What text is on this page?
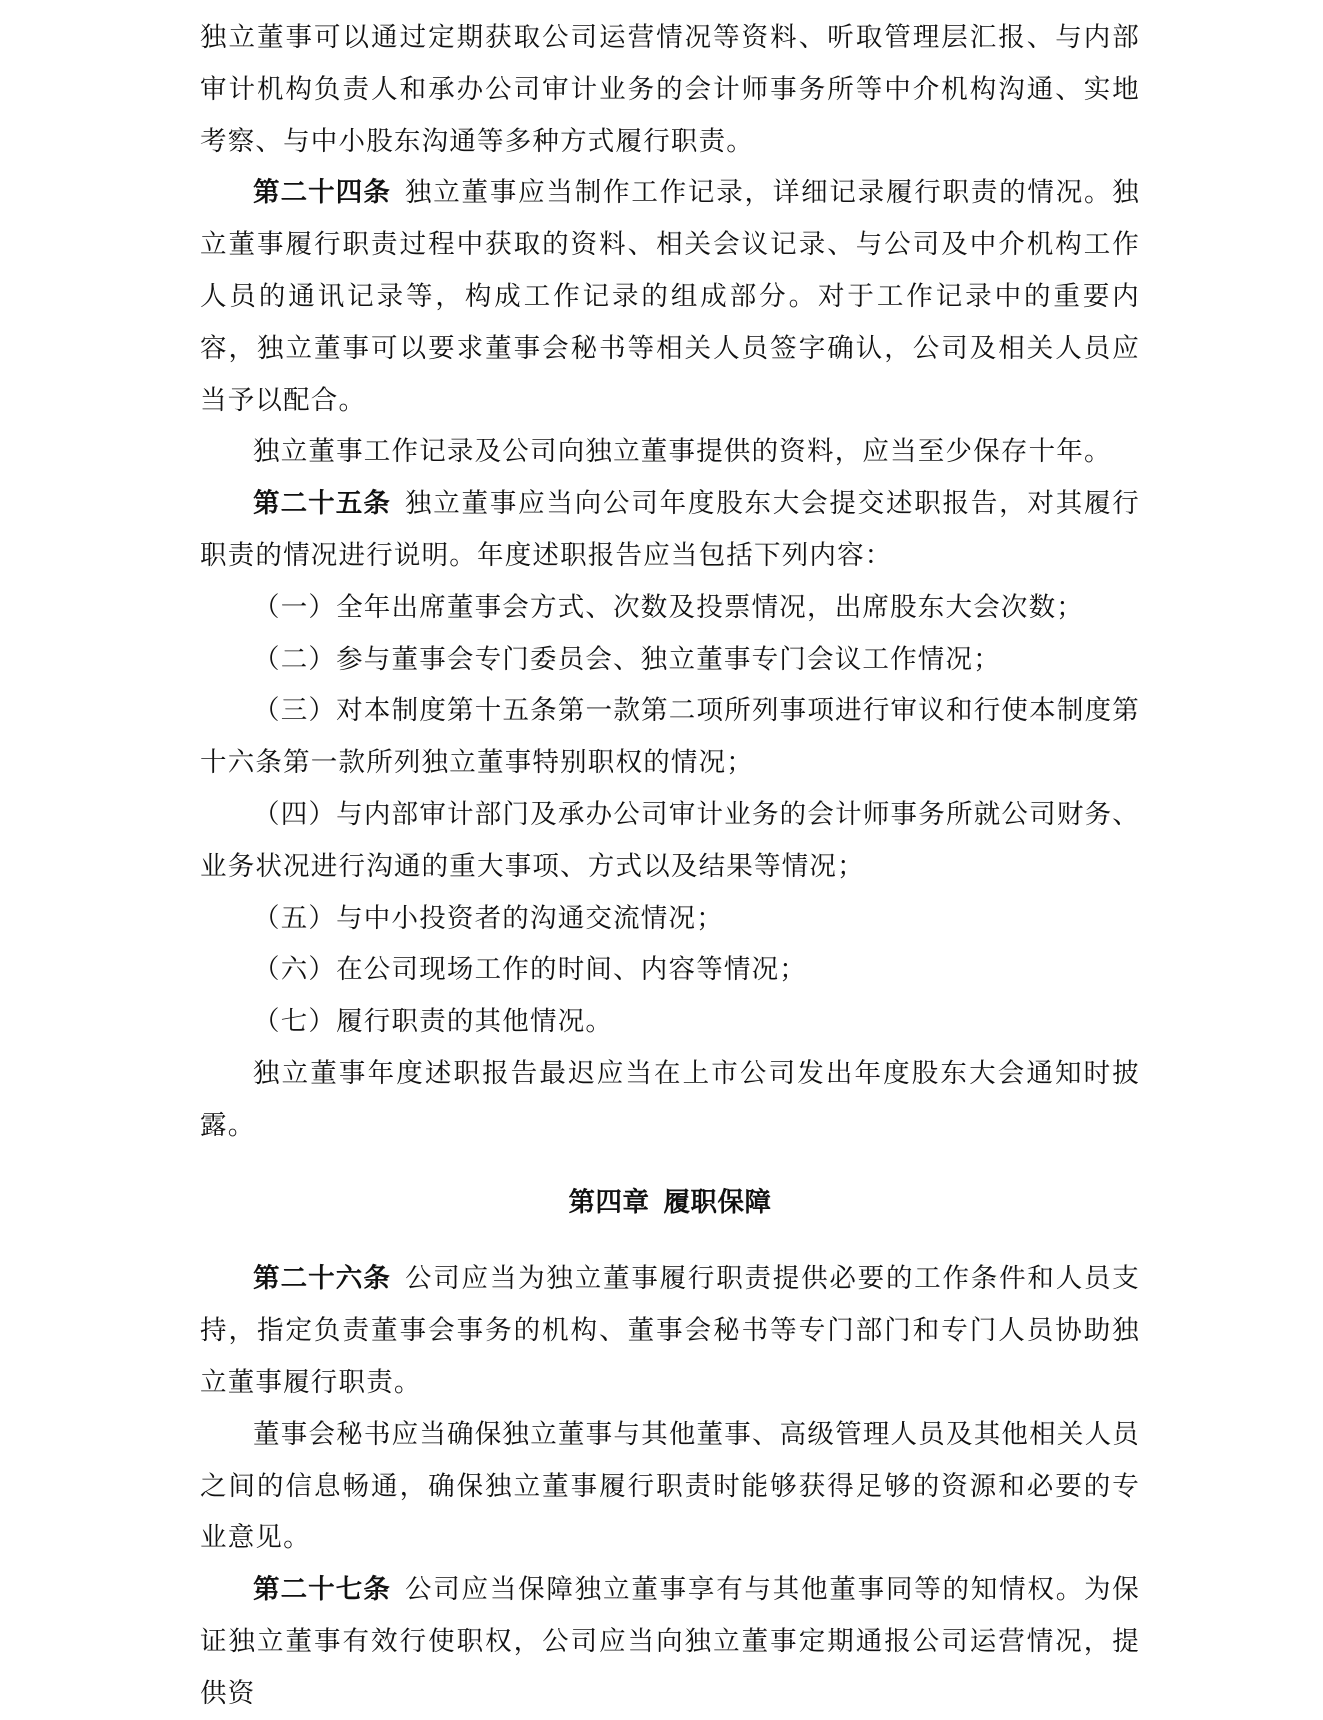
独立董事可以通过定期获取公司运营情况等资料、听取管理层汇报、与内部审计机构负责人和承办公司审计业务的会计师事务所等中介机构沟通、实地考察、与中小股东沟通等多种方式履行职责。

第二十四条 独立董事应当制作工作记录，详细记录履行职责的情况。独立董事履行职责过程中获取的资料、相关会议记录、与公司及中介机构工作人员的通讯记录等，构成工作记录的组成部分。对于工作记录中的重要内容，独立董事可以要求董事会秘书等相关人员签字确认，公司及相关人员应当予以配合。

独立董事工作记录及公司向独立董事提供的资料，应当至少保存十年。

第二十五条 独立董事应当向公司年度股东大会提交述职报告，对其履行职责的情况进行说明。年度述职报告应当包括下列内容：

（一）全年出席董事会方式、次数及投票情况，出席股东大会次数；

（二）参与董事会专门委员会、独立董事专门会议工作情况；

（三）对本制度第十五条第一款第二项所列事项进行审议和行使本制度第十六条第一款所列独立董事特别职权的情况；

（四）与内部审计部门及承办公司审计业务的会计师事务所就公司财务、业务状况进行沟通的重大事项、方式以及结果等情况；

（五）与中小投资者的沟通交流情况；

（六）在公司现场工作的时间、内容等情况；

（七）履行职责的其他情况。

独立董事年度述职报告最迟应当在上市公司发出年度股东大会通知时披露。

第四章 履职保障

第二十六条 公司应当为独立董事履行职责提供必要的工作条件和人员支持，指定负责董事会事务的机构、董事会秘书等专门部门和专门人员协助独立董事履行职责。

董事会秘书应当确保独立董事与其他董事、高级管理人员及其他相关人员之间的信息畅通，确保独立董事履行职责时能够获得足够的资源和必要的专业意见。

第二十七条 公司应当保障独立董事享有与其他董事同等的知情权。为保证独立董事有效行使职权，公司应当向独立董事定期通报公司运营情况，提供资
